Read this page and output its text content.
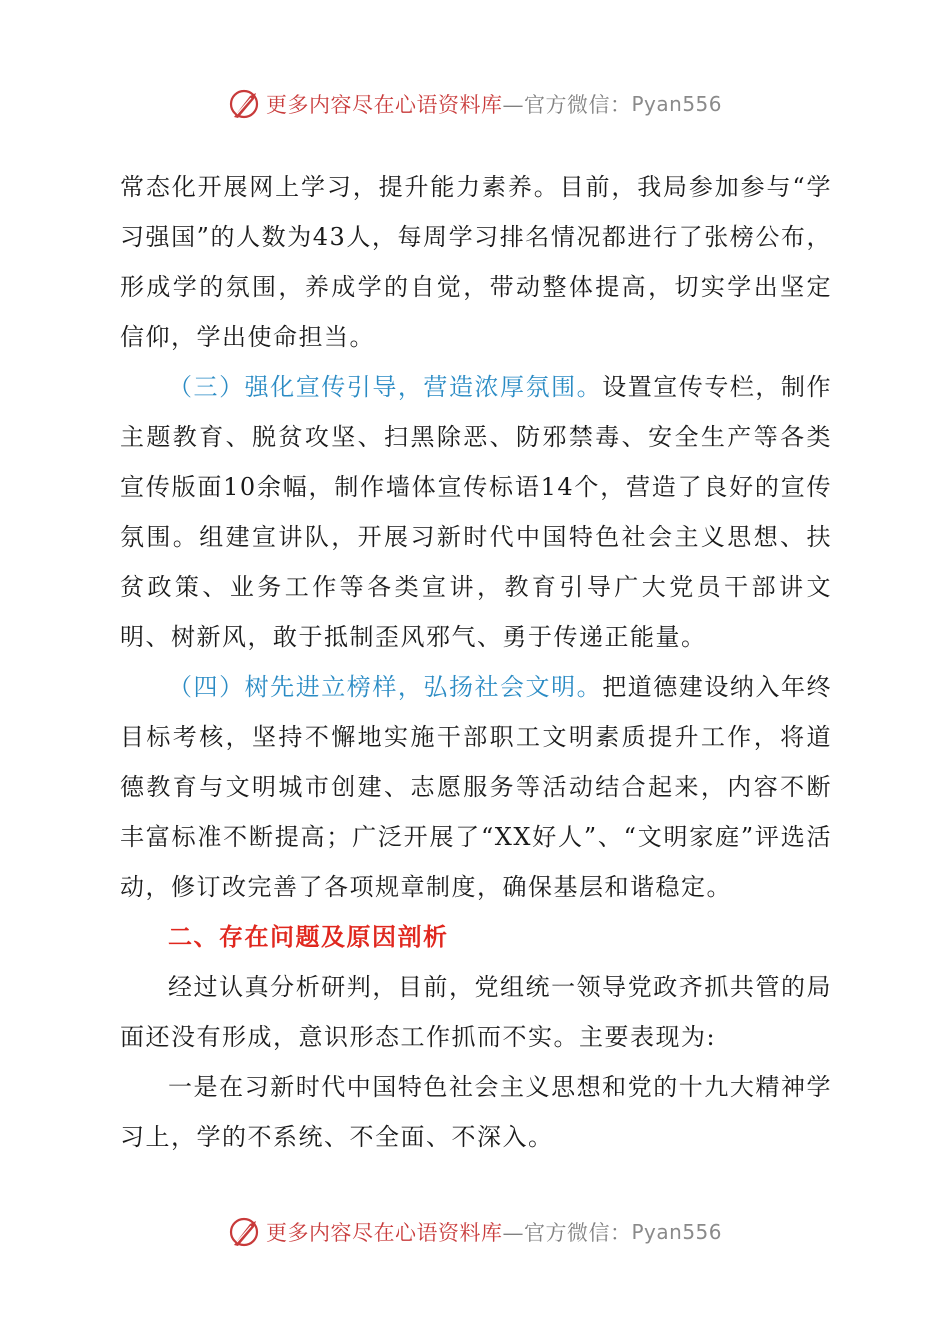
更多内容尽在心语资料库 —官方微信： Pyan556

常态化开展网上学习，提升能力素养。目前，我局参加参与“学习强国”的人数为43人，每周学习排名情况都进行了张榜公布，形成学的氛围，养成学的自觉，带动整体提高，切实学出坚定信仰，学出使命担当。

（三）强化宣传引导，营造浓厚氛围。设置宣传专栏，制作主题教育、脱贫攻坚、扫黑除恶、防邪禁毒、安全生产等各类宣传版面10余幅，制作墙体宣传标语14个，营造了良好的宣传氛围。组建宣讲队，开展习新时代中国特色社会主义思想、扶贫政策、业务工作等各类宣讲，教育引导广大党员干部讲文明、树新风，敢于抵制歪风邪气、勇于传递正能量。

（四）树先进立榜样，弘扬社会文明。把道德建设纳入年终目标考核，坚持不懈地实施干部职工文明素质提升工作，将道德教育与文明城市创建、志愿服务等活动结合起来，内容不断丰富标准不断提高；广泛开展了“XX好人”、“文明家庭”评选活动，修订改完善了各项规章制度，确保基层和谐稳定。

二、存在问题及原因剖析

经过认真分析研判，目前，党组统一领导党政齐抓共管的局面还没有形成，意识形态工作抓而不实。主要表现为:

一是在习新时代中国特色社会主义思想和党的十九大精神学习上，学的不系统、不全面、不深入。

更多内容尽在心语资料库 —官方微信： Pyan556
